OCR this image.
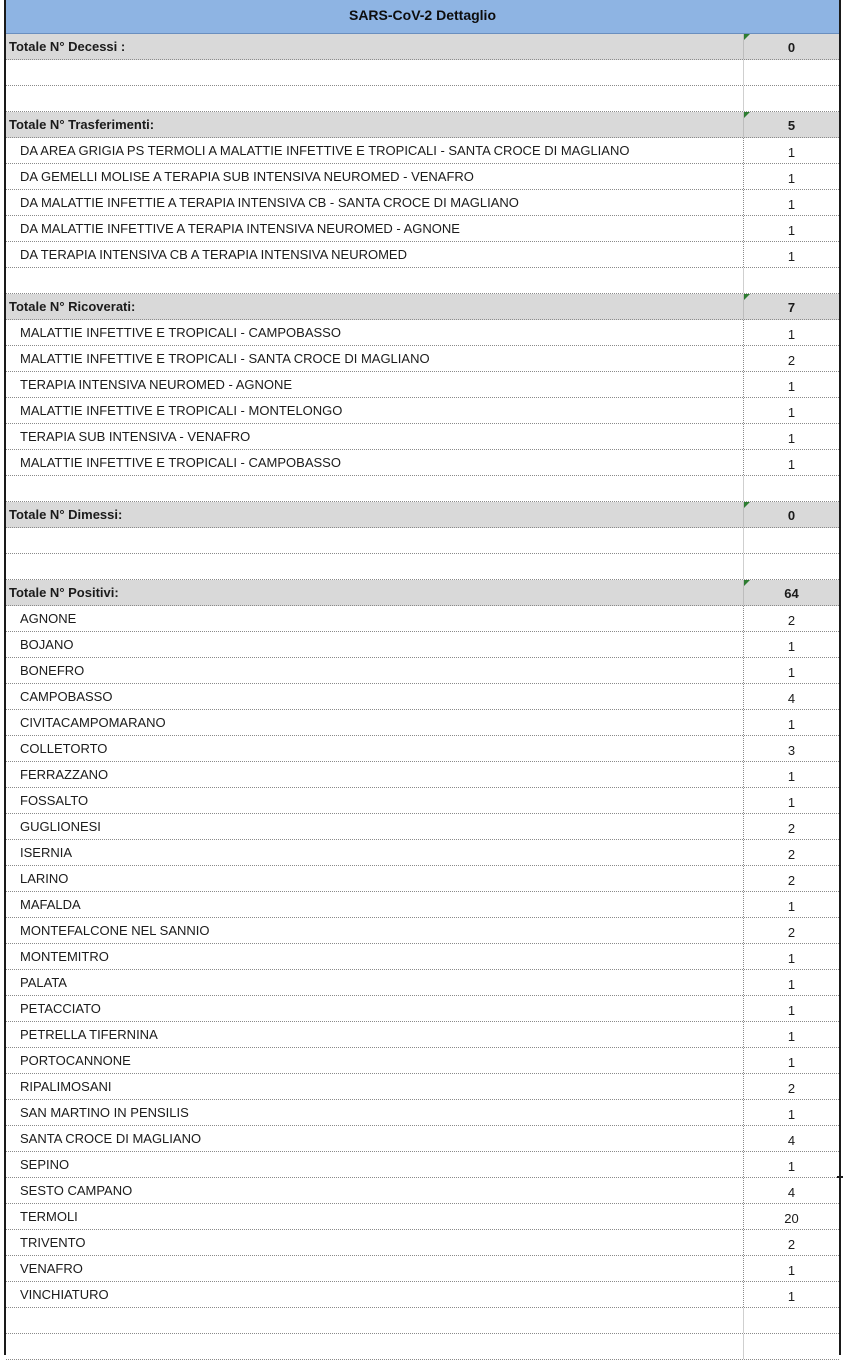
SARS-CoV-2 Dettaglio
Totale N° Decessi :	0
Totale N° Trasferimenti:	5
DA AREA GRIGIA PS TERMOLI A MALATTIE INFETTIVE E TROPICALI - SANTA CROCE DI MAGLIANO	1
DA GEMELLI MOLISE A TERAPIA SUB INTENSIVA NEUROMED - VENAFRO	1
DA MALATTIE INFETTIE A TERAPIA INTENSIVA CB - SANTA CROCE DI MAGLIANO	1
DA MALATTIE INFETTIVE A TERAPIA INTENSIVA NEUROMED - AGNONE	1
DA TERAPIA INTENSIVA CB A TERAPIA INTENSIVA NEUROMED	1
Totale N° Ricoverati:	7
MALATTIE INFETTIVE E TROPICALI - CAMPOBASSO	1
MALATTIE INFETTIVE E TROPICALI - SANTA CROCE DI MAGLIANO	2
TERAPIA INTENSIVA NEUROMED - AGNONE	1
MALATTIE INFETTIVE E TROPICALI - MONTELONGO	1
TERAPIA SUB INTENSIVA - VENAFRO	1
MALATTIE INFETTIVE E TROPICALI - CAMPOBASSO	1
Totale N° Dimessi:	0
Totale N° Positivi:	64
AGNONE	2
BOJANO	1
BONEFRO	1
CAMPOBASSO	4
CIVITACAMPOMARANO	1
COLLETORTO	3
FERRAZZANO	1
FOSSALTO	1
GUGLIONESI	2
ISERNIA	2
LARINO	2
MAFALDA	1
MONTEFALCONE NEL SANNIO	2
MONTEMITRO	1
PALATA	1
PETACCIATO	1
PETRELLA TIFERNINA	1
PORTOCANNONE	1
RIPALIMOSANI	2
SAN MARTINO IN PENSILIS	1
SANTA CROCE DI MAGLIANO	4
SEPINO	1
SESTO CAMPANO	4
TERMOLI	20
TRIVENTO	2
VENAFRO	1
VINCHIATURO	1
